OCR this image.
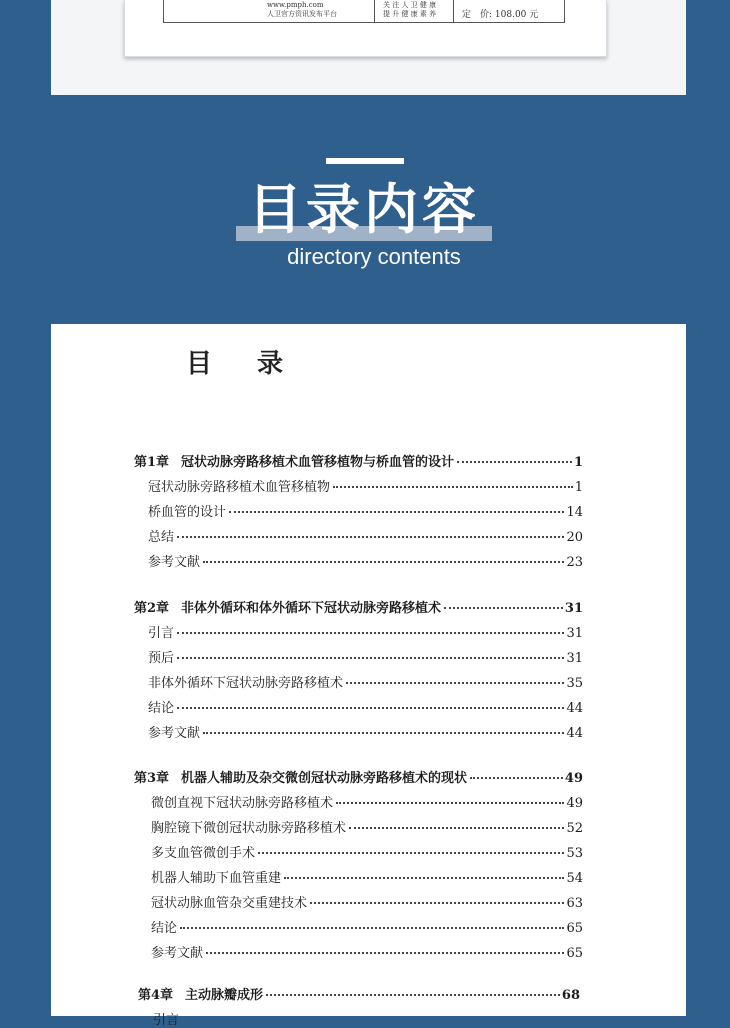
www.pmph.com
人卫官方资讯发布平台
关 注 人 卫 健 康
提 升 健 康 素 养	定　价: 108.00 元
目录内容
directory contents
目 录
第1章 冠状动脉旁路移植术血管移植物与桥血管的设计	1
冠状动脉旁路移植术血管移植物	1
桥血管的设计	14
总结	20
参考文献	23
第2章 非体外循环和体外循环下冠状动脉旁路移植术	31
引言	31
预后	31
非体外循环下冠状动脉旁路移植术	35
结论	44
参考文献	44
第3章 机器人辅助及杂交微创冠状动脉旁路移植术的现状	49
微创直视下冠状动脉旁路移植术	49
胸腔镜下微创冠状动脉旁路移植术	52
多支血管微创手术	53
机器人辅助下血管重建	54
冠状动脉血管杂交重建技术	63
结论	65
参考文献	65
第4章 主动脉瓣成形	68
引言
